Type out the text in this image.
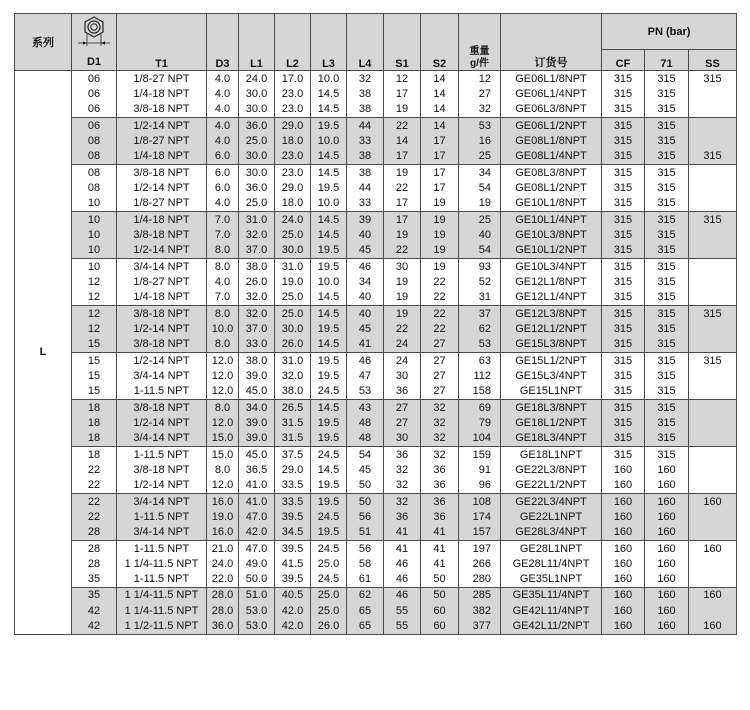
系列		T1	D3	L1	L2	L3	L4	S1	S2	重量
g/件	订货号	PN (bar)		
												CF	71	SS
	D1													
L	06	1/8-27 NPT	4.0	24.0	17.0	10.0	32	12	14	12	GE06L1/8NPT	315	315	315
	06	1/4-18 NPT	4.0	30.0	23.0	14.5	38	17	14	27	GE06L1/4NPT	315	315	
	06	3/8-18 NPT	4.0	30.0	23.0	14.5	38	19	14	32	GE06L3/8NPT	315	315	
	06	1/2-14 NPT	4.0	36.0	29.0	19.5	44	22	14	53	GE06L1/2NPT	315	315	
	08	1/8-27 NPT	4.0	25.0	18.0	10.0	33	14	17	16	GE08L1/8NPT	315	315	
	08	1/4-18 NPT	6.0	30.0	23.0	14.5	38	17	17	25	GE08L1/4NPT	315	315	315
	08	3/8-18 NPT	6.0	30.0	23.0	14.5	38	19	17	34	GE08L3/8NPT	315	315	
	08	1/2-14 NPT	6.0	36.0	29.0	19.5	44	22	17	54	GE08L1/2NPT	315	315	
	10	1/8-27 NPT	4.0	25.0	18.0	10.0	33	17	19	19	GE10L1/8NPT	315	315	
	10	1/4-18 NPT	7.0	31.0	24.0	14.5	39	17	19	25	GE10L1/4NPT	315	315	315
	10	3/8-18 NPT	7.0	32.0	25.0	14.5	40	19	19	40	GE10L3/8NPT	315	315	
	10	1/2-14 NPT	8.0	37.0	30.0	19.5	45	22	19	54	GE10L1/2NPT	315	315	
	10	3/4-14 NPT	8.0	38.0	31.0	19.5	46	30	19	93	GE10L3/4NPT	315	315	
	12	1/8-27 NPT	4.0	26.0	19.0	10.0	34	19	22	52	GE12L1/8NPT	315	315	
	12	1/4-18 NPT	7.0	32.0	25.0	14.5	40	19	22	31	GE12L1/4NPT	315	315	
	12	3/8-18 NPT	8.0	32.0	25.0	14.5	40	19	22	37	GE12L3/8NPT	315	315	315
	12	1/2-14 NPT	10.0	37.0	30.0	19.5	45	22	22	62	GE12L1/2NPT	315	315	
	15	3/8-18 NPT	8.0	33.0	26.0	14.5	41	24	27	53	GE15L3/8NPT	315	315	
	15	1/2-14 NPT	12.0	38.0	31.0	19.5	46	24	27	63	GE15L1/2NPT	315	315	315
	15	3/4-14 NPT	12.0	39.0	32.0	19.5	47	30	27	112	GE15L3/4NPT	315	315	
	15	1-11.5 NPT	12.0	45.0	38.0	24.5	53	36	27	158	GE15L1NPT	315	315	
	18	3/8-18 NPT	8.0	34.0	26.5	14.5	43	27	32	69	GE18L3/8NPT	315	315	
	18	1/2-14 NPT	12.0	39.0	31.5	19.5	48	27	32	79	GE18L1/2NPT	315	315	
	18	3/4-14 NPT	15.0	39.0	31.5	19.5	48	30	32	104	GE18L3/4NPT	315	315	
	18	1-11.5 NPT	15.0	45.0	37.5	24.5	54	36	32	159	GE18L1NPT	315	315	
	22	3/8-18 NPT	8.0	36.5	29.0	14.5	45	32	36	91	GE22L3/8NPT	160	160	
	22	1/2-14 NPT	12.0	41.0	33.5	19.5	50	32	36	96	GE22L1/2NPT	160	160	
	22	3/4-14 NPT	16.0	41.0	33.5	19.5	50	32	36	108	GE22L3/4NPT	160	160	160
	22	1-11.5 NPT	19.0	47.0	39.5	24.5	56	36	36	174	GE22L1NPT	160	160	
	28	3/4-14 NPT	16.0	42.0	34.5	19.5	51	41	41	157	GE28L3/4NPT	160	160	
	28	1-11.5 NPT	21.0	47.0	39.5	24.5	56	41	41	197	GE28L1NPT	160	160	160
	28	1 1/4-11.5 NPT	24.0	49.0	41.5	25.0	58	46	41	266	GE28L11/4NPT	160	160	
	35	1-11.5 NPT	22.0	50.0	39.5	24.5	61	46	50	280	GE35L1NPT	160	160	
	35	1 1/4-11.5 NPT	28.0	51.0	40.5	25.0	62	46	50	285	GE35L11/4NPT	160	160	160
	42	1 1/4-11.5 NPT	28.0	53.0	42.0	25.0	65	55	60	382	GE42L11/4NPT	160	160	
	42	1 1/2-11.5 NPT	36.0	53.0	42.0	26.0	65	55	60	377	GE42L11/2NPT	160	160	160
